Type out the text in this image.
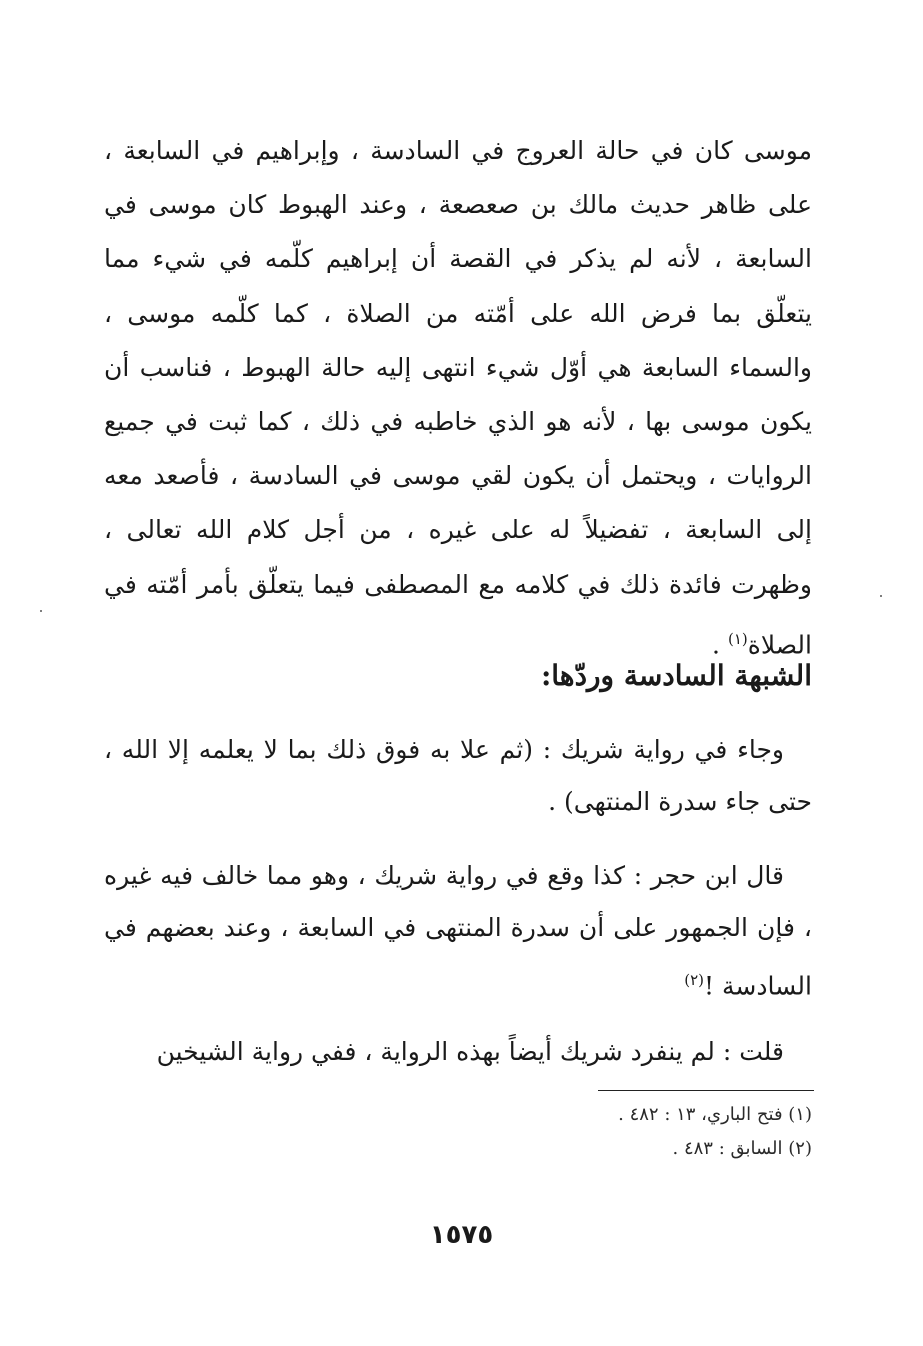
موسى كان في حالة العروج في السادسة ، وإبراهيم في السابعة ، على ظاهر حديث مالك بن صعصعة ، وعند الهبوط كان موسى في السابعة ، لأنه لم يذكر في القصة أن إبراهيم كلّمه في شيء مما يتعلّق بما فرض الله على أمّته من الصلاة ، كما كلّمه موسى ، والسماء السابعة هي أوّل شيء انتهى إليه حالة الهبوط ، فناسب أن يكون موسى بها ، لأنه هو الذي خاطبه في ذلك ، كما ثبت في جميع الروايات ، ويحتمل أن يكون لقي موسى في السادسة ، فأصعد معه إلى السابعة ، تفضيلاً له على غيره ، من أجل كلام الله تعالى ، وظهرت فائدة ذلك في كلامه مع المصطفى فيما يتعلّق بأمر أمّته في الصلاة$^{(١)}$ .
الشبهة السادسة وردّها:
وجاء في رواية شريك : (ثم علا به فوق ذلك بما لا يعلمه إلا الله ، حتى جاء سدرة المنتهى) .
قال ابن حجر : كذا وقع في رواية شريك ، وهو مما خالف فيه غيره ، فإن الجمهور على أن سدرة المنتهى في السابعة ، وعند بعضهم في السادسة !$^{(٢)}$
قلت : لم ينفرد شريك أيضاً بهذه الرواية ، ففي رواية الشيخين
(١) فتح الباري، ١٣ : ٤٨٢ .
(٢) السابق : ٤٨٣ .
١٥٧٥
